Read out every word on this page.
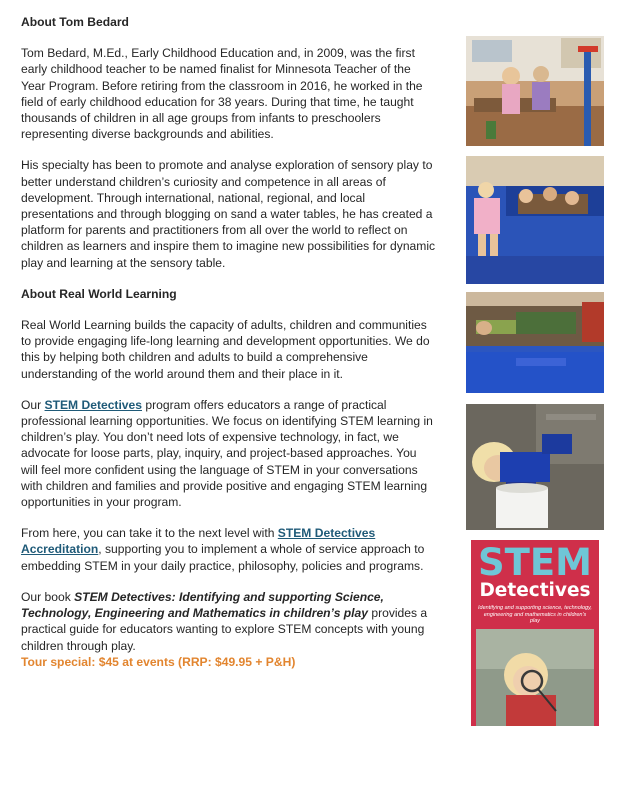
About Tom Bedard

Tom Bedard, M.Ed., Early Childhood Education and, in 2009, was the first early childhood teacher to be named finalist for Minnesota Teacher of the Year Program. Before retiring from the classroom in 2016, he worked in the field of early childhood education for 38 years. During that time, he taught thousands of children in all age groups from infants to preschoolers representing diverse backgrounds and abilities.

His specialty has been to promote and analyse exploration of sensory play to better understand children’s curiosity and competence in all areas of development. Through international, national, regional, and local presentations and through blogging on sand a water tables, he has created a platform for parents and practitioners from all over the world to reflect on children as learners and inspire them to imagine new possibilities for dynamic play and learning at the sensory table.

About Real World Learning

Real World Learning builds the capacity of adults, children and communities to provide engaging life-long learning and development opportunities. We do this by helping both children and adults to build a comprehensive understanding of the world around them and their place in it.

Our STEM Detectives program offers educators a range of practical professional learning opportunities. We focus on identifying STEM learning in children’s play. You don’t need lots of expensive technology, in fact, we advocate for loose parts, play, inquiry, and project-based approaches. You will feel more confident using the language of STEM in your conversations with children and families and provide positive and engaging STEM learning opportunities in your program.

From here, you can take it to the next level with STEM Detectives Accreditation, supporting you to implement a whole of service approach to embedding STEM in your daily practice, philosophy, policies and programs.

Our book STEM Detectives: Identifying and supporting Science, Technology, Engineering and Mathematics in children’s play provides a practical guide for educators wanting to explore STEM concepts with young children through play.

Tour special: $45 at events (RRP: $49.95 + P&H)

STEM
Detectives
Identifying and supporting science, technology, engineering and mathematics in children's play
Niki Buchan and Bronwyn Cron
